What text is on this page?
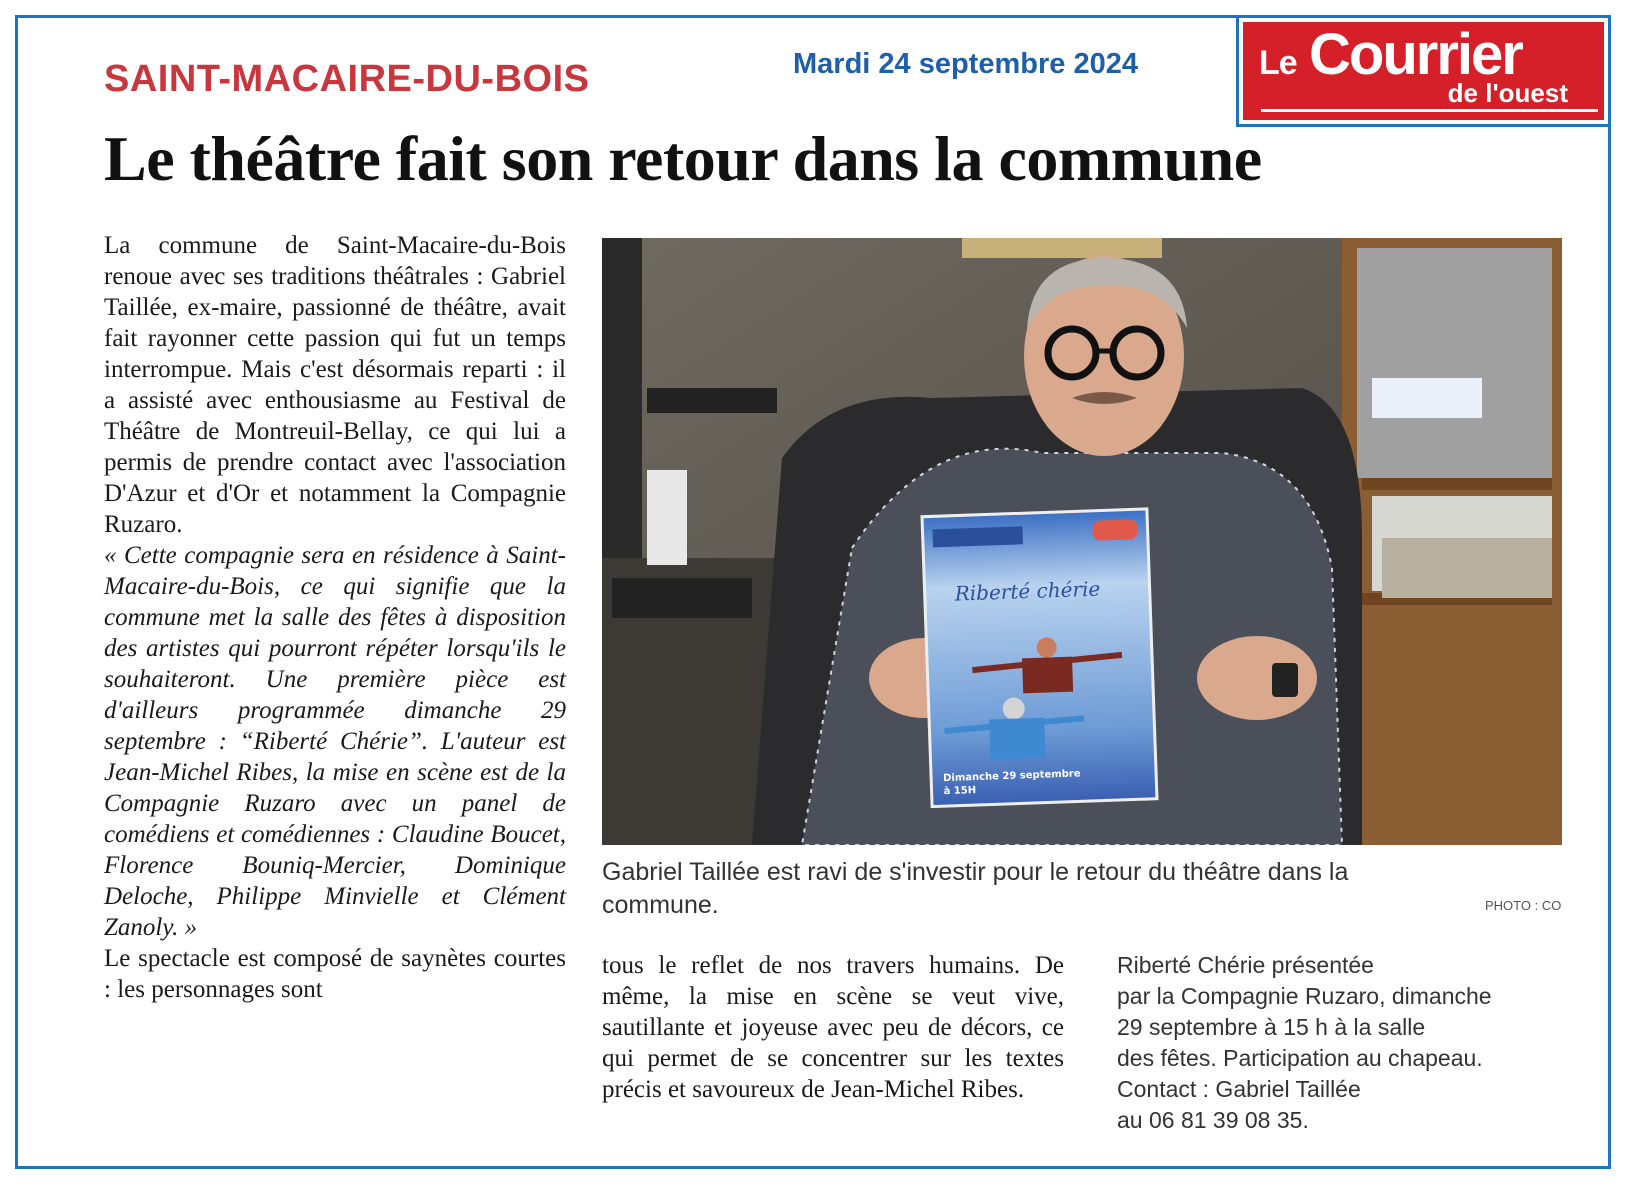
SAINT-MACAIRE-DU-BOIS	Mardi 24 septembre 2024	Le Courrier
de l'ouest
Le théâtre fait son retour dans la commune

La commune de Saint-Macaire-du-Bois renoue avec ses traditions théâtrales : Gabriel Taillée, ex-maire, passionné de théâtre, avait fait rayonner cette passion qui fut un temps interrompue. Mais c'est désormais reparti : il a assisté avec enthousiasme au Festival de Théâtre de Montreuil-Bellay, ce qui lui a permis de prendre contact avec l'association D'Azur et d'Or et notamment la Compagnie Ruzaro.

« Cette compagnie sera en résidence à Saint-Macaire-du-Bois, ce qui signifie que la commune met la salle des fêtes à disposition des artistes qui pourront répéter lorsqu'ils le souhaiteront. Une première pièce est d'ailleurs programmée dimanche 29 septembre : “Riberté Chérie”. L'auteur est Jean-Michel Ribes, la mise en scène est de la Compagnie Ruzaro avec un panel de comédiens et comédiennes : Claudine Boucet, Florence Bouniq-Mercier, Dominique Deloche, Philippe Minvielle et Clément Zanoly. »

Le spectacle est composé de saynètes courtes : les personnages sont

Riberté chérie
Dimanche 29 septembre
à 15H
Gabriel Taillée est ravi de s'investir pour le retour du théâtre dans la commune.	PHOTO : CO
tous le reflet de nos travers humains. De même, la mise en scène se veut vive, sautillante et joyeuse avec peu de décors, ce qui permet de se concentrer sur les textes précis et savoureux de Jean-Michel Ribes.
Riberté Chérie présentée
par la Compagnie Ruzaro, dimanche
29 septembre à 15 h à la salle
des fêtes. Participation au chapeau.
Contact : Gabriel Taillée
au 06 81 39 08 35.
